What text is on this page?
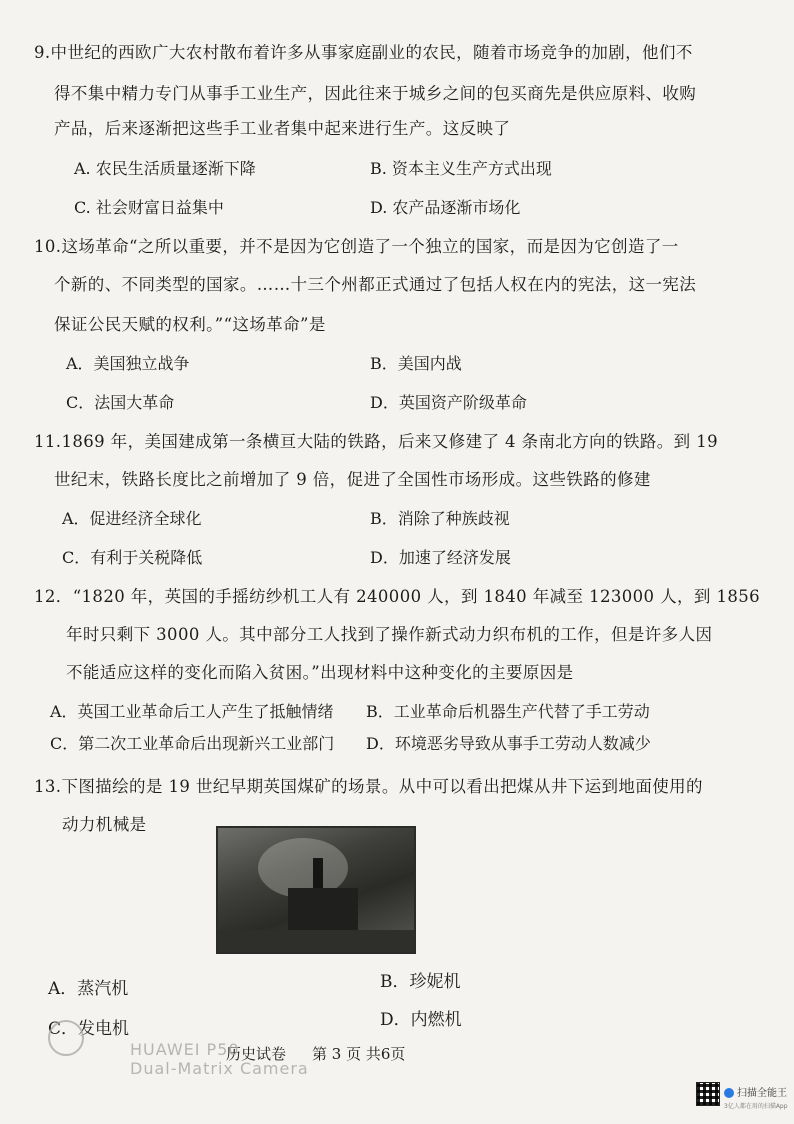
9.中世纪的西欧广大农村散布着许多从事家庭副业的农民，随着市场竞争的加剧，他们不
得不集中精力专门从事手工业生产，因此往来于城乡之间的包买商先是供应原料、收购
产品，后来逐渐把这些手工业者集中起来进行生产。这反映了
A. 农民生活质量逐渐下降	B. 资本主义生产方式出现
C. 社会财富日益集中	D. 农产品逐渐市场化
10.这场革命“之所以重要，并不是因为它创造了一个独立的国家，而是因为它创造了一
个新的、不同类型的国家。……十三个州都正式通过了包括人权在内的宪法，这一宪法
保证公民天赋的权利。”“这场革命”是
A．美国独立战争	B．美国内战
C．法国大革命	D．英国资产阶级革命
11.1869 年，美国建成第一条横亘大陆的铁路，后来又修建了 4 条南北方向的铁路。到 19
世纪末，铁路长度比之前增加了 9 倍，促进了全国性市场形成。这些铁路的修建
A．促进经济全球化	B．消除了种族歧视
C．有利于关税降低	D．加速了经济发展
12．“1820 年，英国的手摇纺纱机工人有 240000 人，到 1840 年减至 123000 人，到 1856
年时只剩下 3000 人。其中部分工人找到了操作新式动力织布机的工作，但是许多人因
不能适应这样的变化而陷入贫困。”出现材料中这种变化的主要原因是
A．英国工业革命后工人产生了抵触情绪 B．工业革命后机器生产代替了手工劳动
C．第二次工业革命后出现新兴工业部门 D．环境恶劣导致从事手工劳动人数减少
13.下图描绘的是 19 世纪早期英国煤矿的场景。从中可以看出把煤从井下运到地面使用的
动力机械是
A．蒸汽机	B．珍妮机
C．发电机	D．内燃机
历史试卷 第 3 页 共6页
HUAWEI P50
Dual-Matrix Camera
扫描全能王
3亿人都在用的扫描App
